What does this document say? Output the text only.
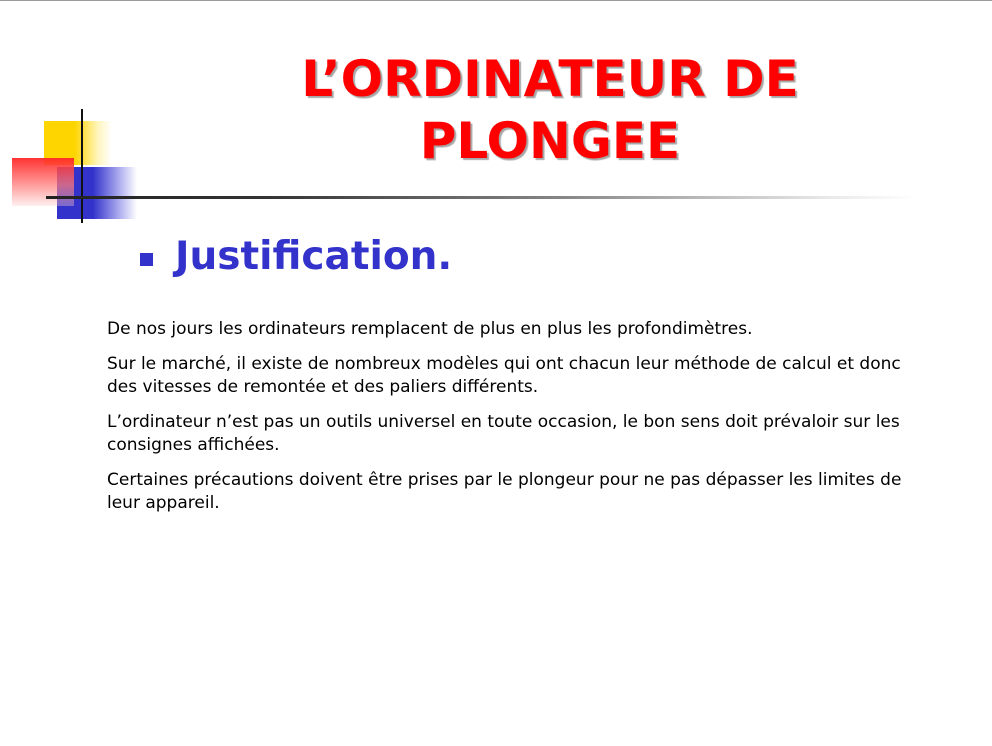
L’ORDINATEUR DE
PLONGEE
Justification.

De nos jours les ordinateurs remplacent de plus en plus les profondimètres.

Sur le marché, il existe de nombreux modèles qui ont chacun leur méthode de calcul et donc des vitesses de remontée et des paliers différents.

L’ordinateur n’est pas un outils universel en toute occasion, le bon sens doit prévaloir sur les consignes affichées.

Certaines précautions doivent être prises par le plongeur pour ne pas dépasser les limites de leur appareil.
